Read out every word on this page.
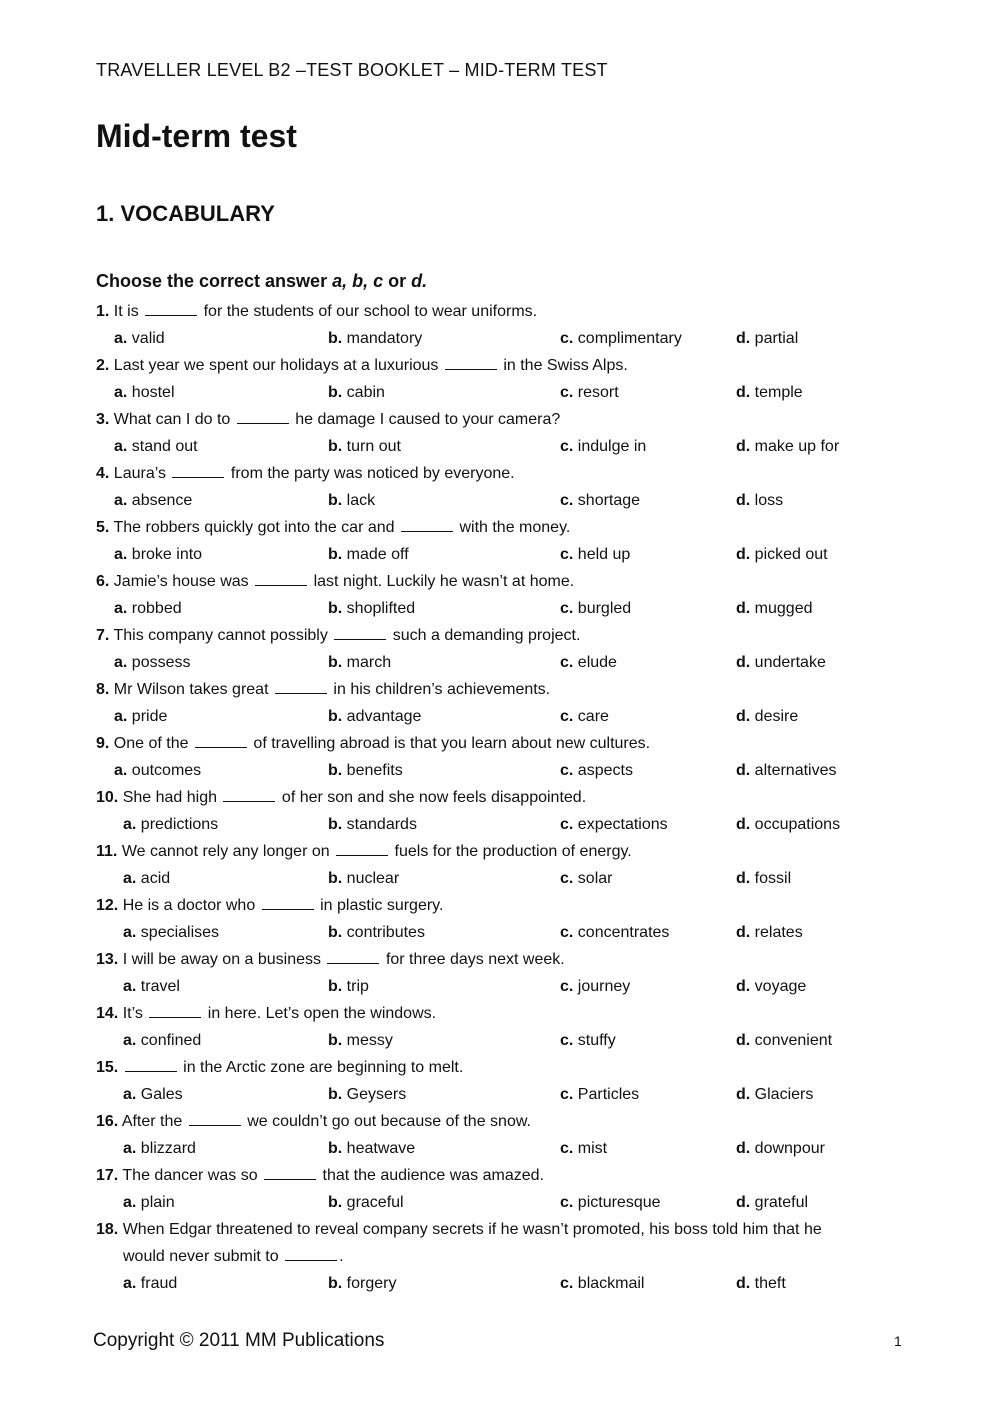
TRAVELLER LEVEL B2 –TEST BOOKLET – MID-TERM TEST
Mid-term test
1. VOCABULARY
Choose the correct answer a, b, c or d.
1. It is	for the students of our school to wear uniforms.
a. valid	b. mandatory	c. complimentary	d. partial
2. Last year we spent our holidays at a luxurious	in the Swiss Alps.
a. hostel	b. cabin	c. resort	d. temple
3. What can I do to	he damage I caused to your camera?
a. stand out	b. turn out	c. indulge in	d. make up for
4. Laura’s	from the party was noticed by everyone.
a. absence	b. lack	c. shortage	d. loss
5. The robbers quickly got into the car and	with the money.
a. broke into	b. made off	c. held up	d. picked out
6. Jamie’s house was	last night. Luckily he wasn’t at home.
a. robbed	b. shoplifted	c. burgled	d. mugged
7. This company cannot possibly	such a demanding project.
a. possess	b. march	c. elude	d. undertake
8. Mr Wilson takes great	in his children’s achievements.
a. pride	b. advantage	c. care	d. desire
9. One of the	of travelling abroad is that you learn about new cultures.
a. outcomes	b. benefits	c. aspects	d. alternatives
10. She had high	of her son and she now feels disappointed.
a. predictions	b. standards	c. expectations	d. occupations
11. We cannot rely any longer on	fuels for the production of energy.
a. acid	b. nuclear	c. solar	d. fossil
12. He is a doctor who	in plastic surgery.
a. specialises	b. contributes	c. concentrates	d. relates
13. I will be away on a business	for three days next week.
a. travel	b. trip	c. journey	d. voyage
14. It’s	in here. Let’s open the windows.
a. confined	b. messy	c. stuffy	d. convenient
15.	in the Arctic zone are beginning to melt.
a. Gales	b. Geysers	c. Particles	d. Glaciers
16. After the	we couldn’t go out because of the snow.
a. blizzard	b. heatwave	c. mist	d. downpour
17. The dancer was so	that the audience was amazed.
a. plain	b. graceful	c. picturesque	d. grateful
18. When Edgar threatened to reveal company secrets if he wasn’t promoted, his boss told him that he
would never submit to	.
a. fraud	b. forgery	c. blackmail	d. theft
Copyright © 2011 MM Publications	1
